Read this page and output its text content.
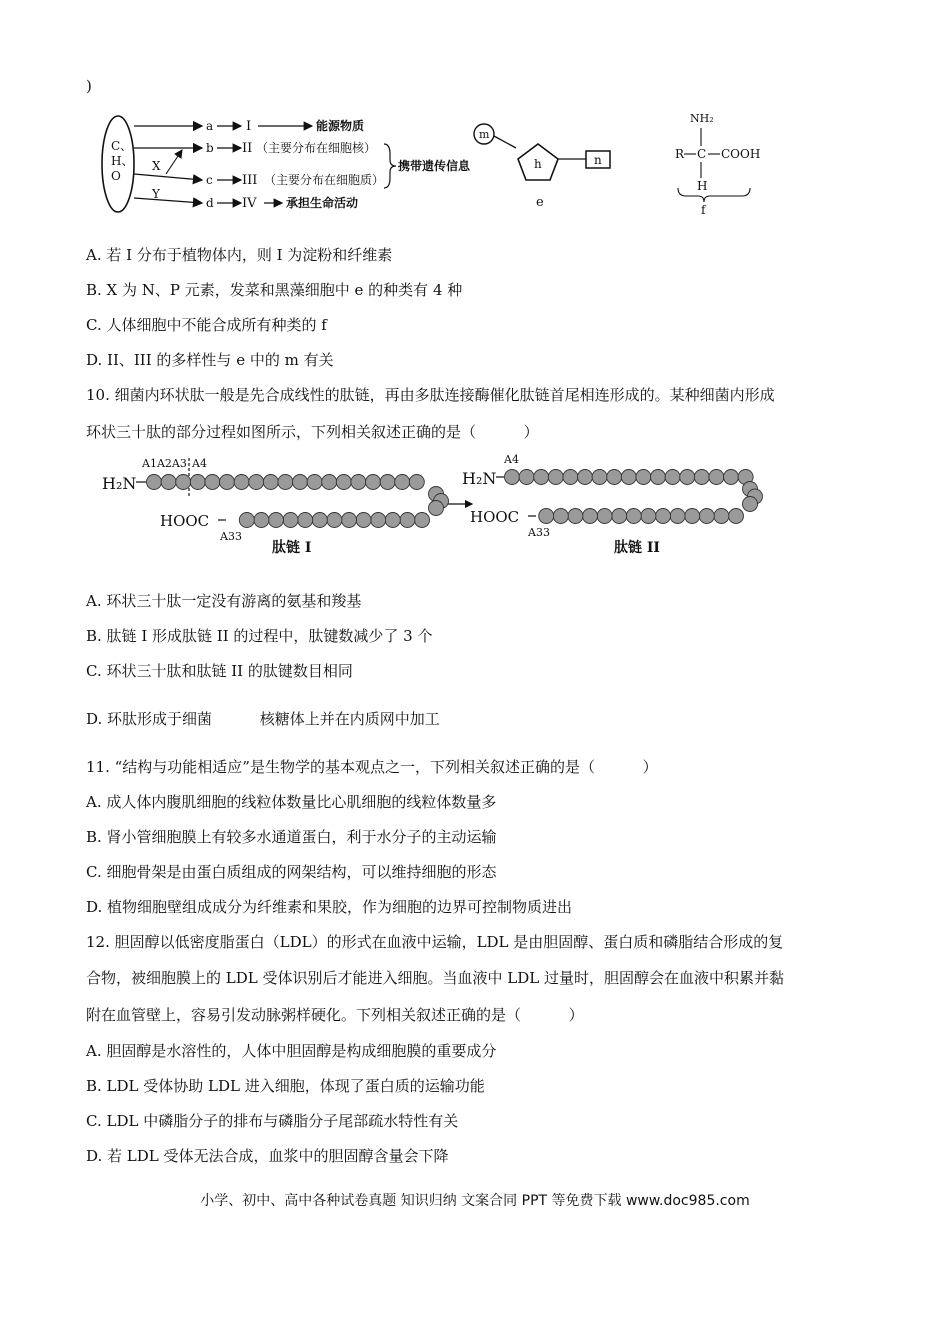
)
C、
H、
O
X
Y
a
b
c
d
I
II
III
IV
能源物质
（主要分布在细胞核）
（主要分布在细胞质）
承担生命活动
携带遗传信息
m
h	n
e
NH₂
R C COOH
H
f
A. 若 I 分布于植物体内，则 I 为淀粉和纤维素
B. X 为 N、P 元素，发菜和黑藻细胞中 e 的种类有 4 种
C. 人体细胞中不能合成所有种类的 f
D. II、III 的多样性与 e 中的 m 有关
10. 细菌内环状肽一般是先合成线性的肽链，再由多肽连接酶催化肽链首尾相连形成的。某种细菌内形成
环状三十肽的部分过程如图所示，下列相关叙述正确的是（          ）
H₂N
A1A2A3 A4
HOOC
A33
肽链 I
H₂N
A4
HOOC
A33
肽链 II
A. 环状三十肽一定没有游离的氨基和羧基
B. 肽链 I 形成肽链 II 的过程中，肽键数减少了 3 个
C. 环状三十肽和肽链 II 的肽键数目相同
D. 环肽形成于细菌          核糖体上并在内质网中加工
11. “结构与功能相适应”是生物学的基本观点之一，下列相关叙述正确的是（          ）
A. 成人体内腹肌细胞的线粒体数量比心肌细胞的线粒体数量多
B. 肾小管细胞膜上有较多水通道蛋白，利于水分子的主动运输
C. 细胞骨架是由蛋白质组成的网架结构，可以维持细胞的形态
D. 植物细胞壁组成成分为纤维素和果胶，作为细胞的边界可控制物质进出
12. 胆固醇以低密度脂蛋白（LDL）的形式在血液中运输，LDL 是由胆固醇、蛋白质和磷脂结合形成的复
合物，被细胞膜上的 LDL 受体识别后才能进入细胞。当血液中 LDL 过量时，胆固醇会在血液中积累并黏
附在血管壁上，容易引发动脉粥样硬化。下列相关叙述正确的是（          ）
A. 胆固醇是水溶性的，人体中胆固醇是构成细胞膜的重要成分
B. LDL 受体协助 LDL 进入细胞，体现了蛋白质的运输功能
C. LDL 中磷脂分子的排布与磷脂分子尾部疏水特性有关
D. 若 LDL 受体无法合成，血浆中的胆固醇含量会下降
小学、初中、高中各种试卷真题 知识归纳 文案合同 PPT 等免费下载 www.doc985.com
